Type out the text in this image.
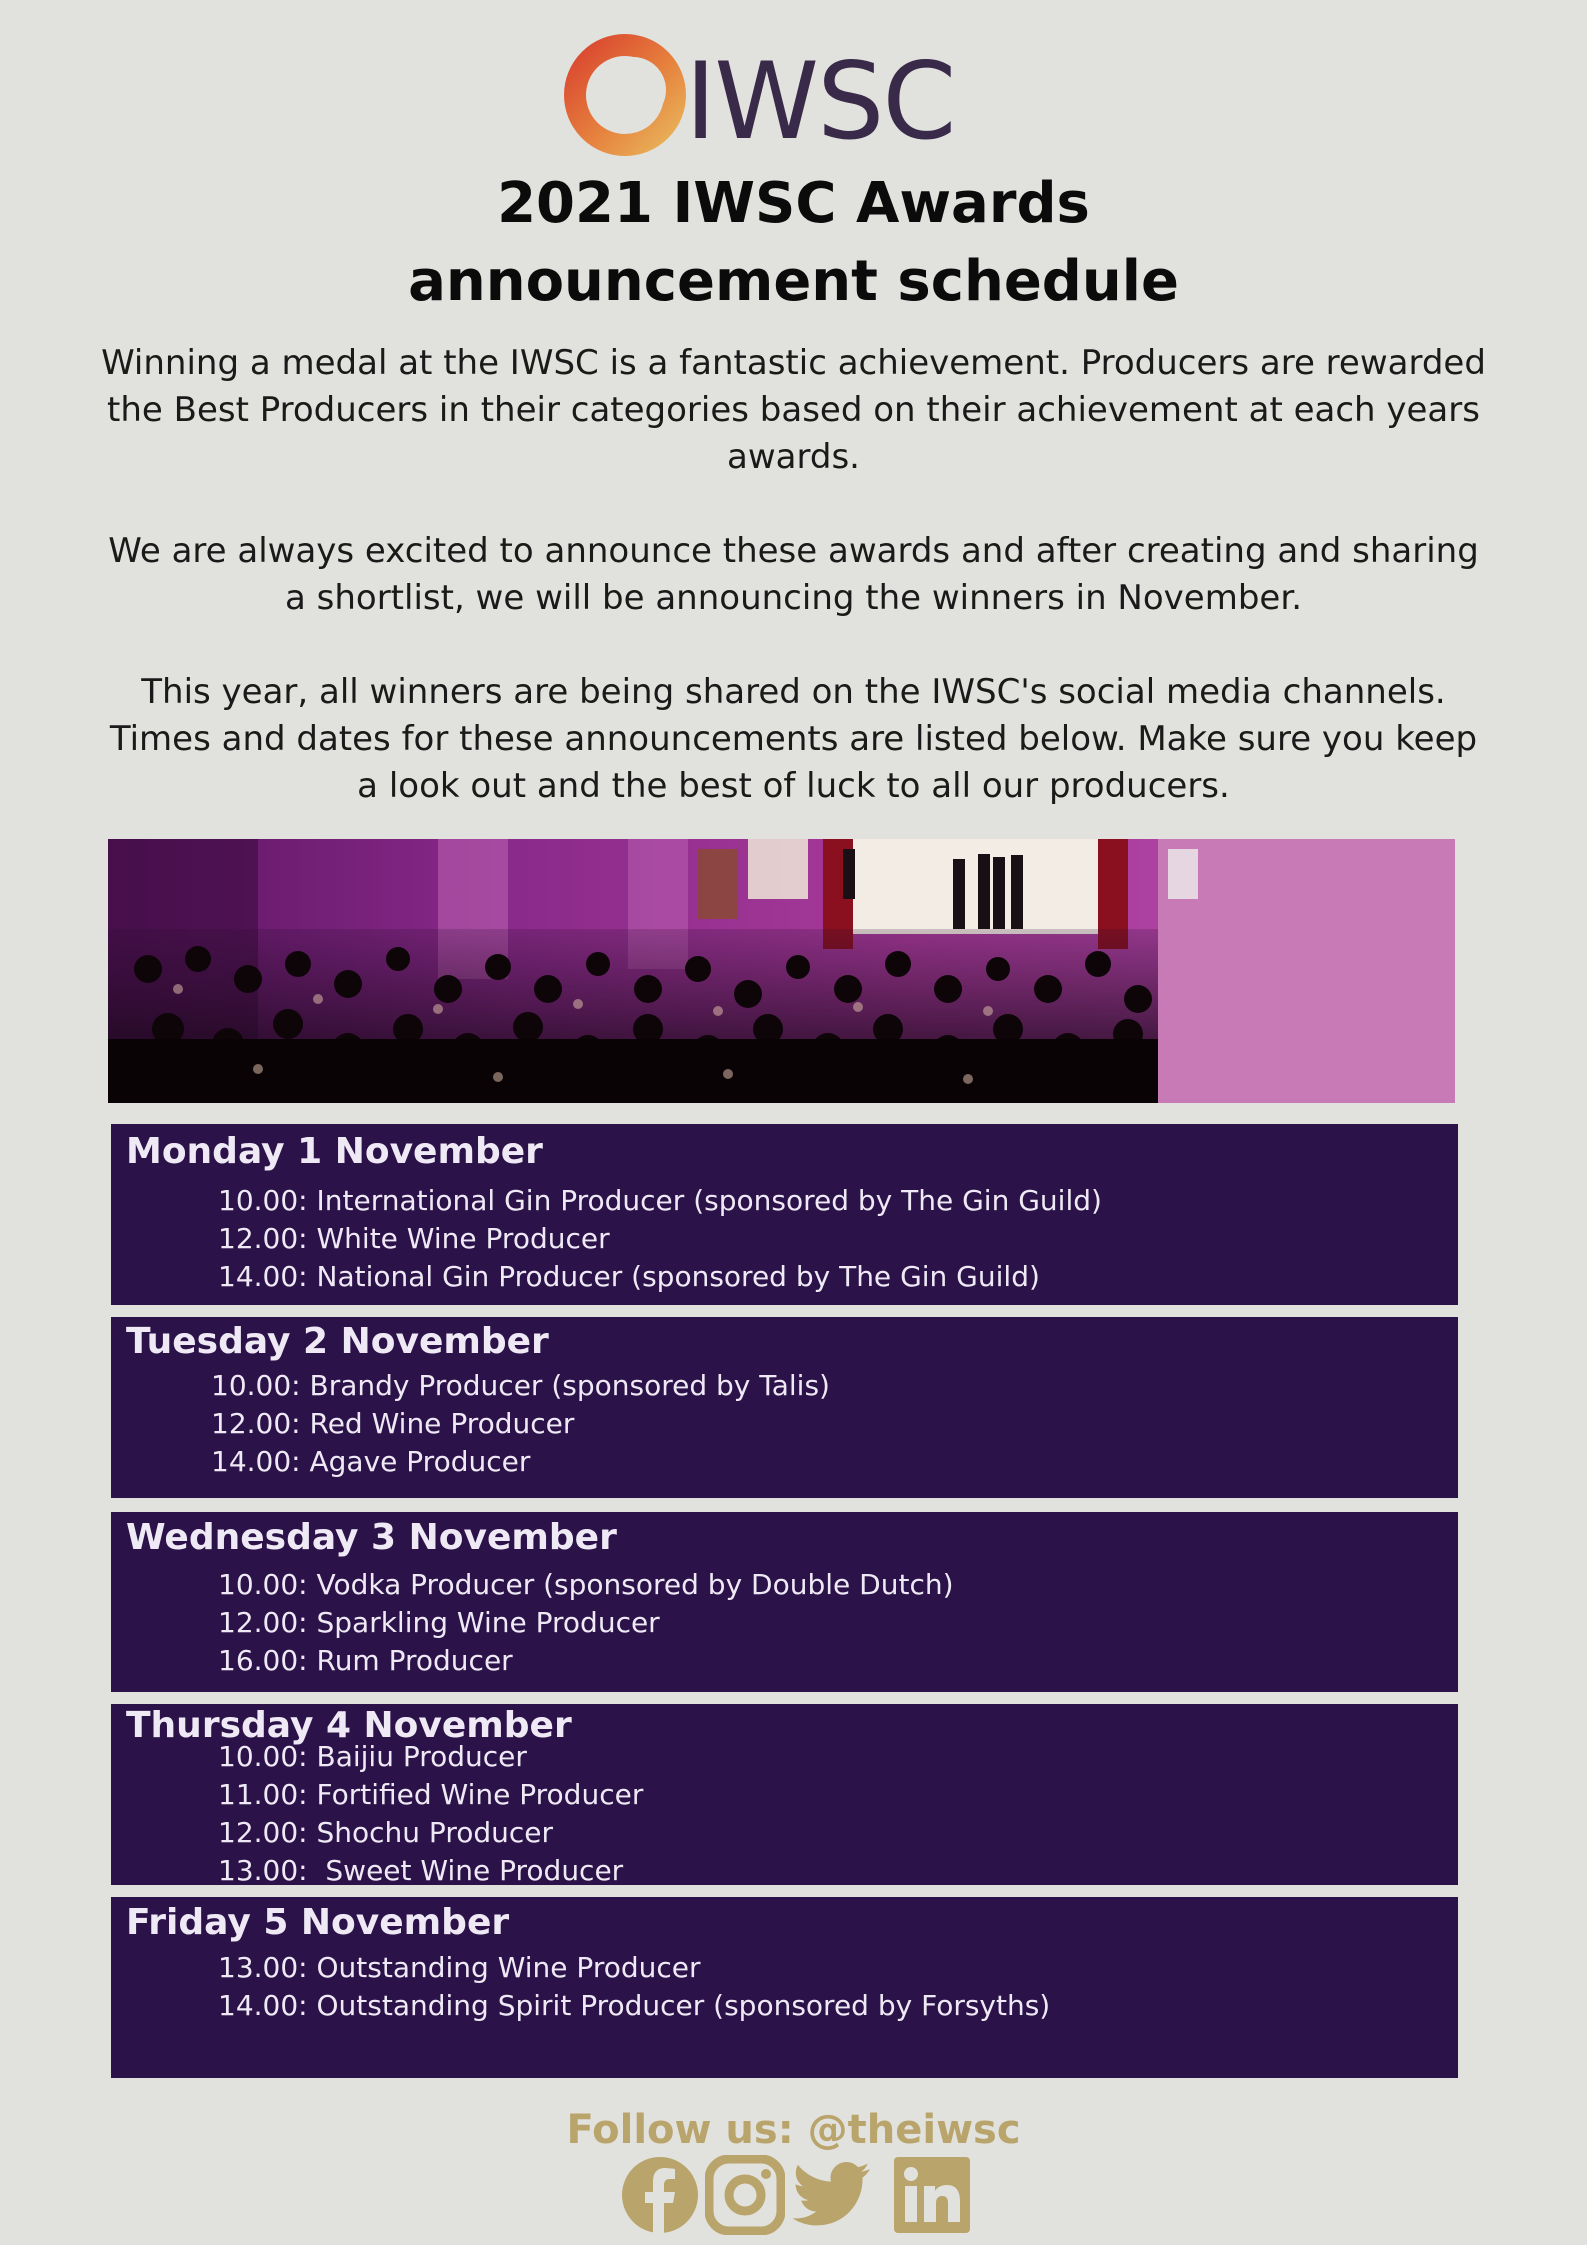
IWSC
2021 IWSC Awards
announcement schedule

Winning a medal at the IWSC is a fantastic achievement. Producers are rewarded the Best Producers in their categories based on their achievement at each years awards.

We are always excited to announce these awards and after creating and sharing a shortlist, we will be announcing the winners in November.

This year, all winners are being shared on the IWSC's social media channels. Times and dates for these announcements are listed below. Make sure you keep a look out and the best of luck to all our producers.

Monday 1 November
10.00: International Gin Producer (sponsored by The Gin Guild)
12.00: White Wine Producer
14.00: National Gin Producer (sponsored by The Gin Guild)
Tuesday 2 November
10.00: Brandy Producer (sponsored by Talis)
12.00: Red Wine Producer
14.00: Agave Producer
Wednesday 3 November
10.00: Vodka Producer (sponsored by Double Dutch)
12.00: Sparkling Wine Producer
16.00: Rum Producer
Thursday 4 November
10.00: Baijiu Producer
11.00: Fortified Wine Producer
12.00: Shochu Producer
13.00:  Sweet Wine Producer
Friday 5 November
13.00: Outstanding Wine Producer
14.00: Outstanding Spirit Producer (sponsored by Forsyths)
Follow us: @theiwsc
